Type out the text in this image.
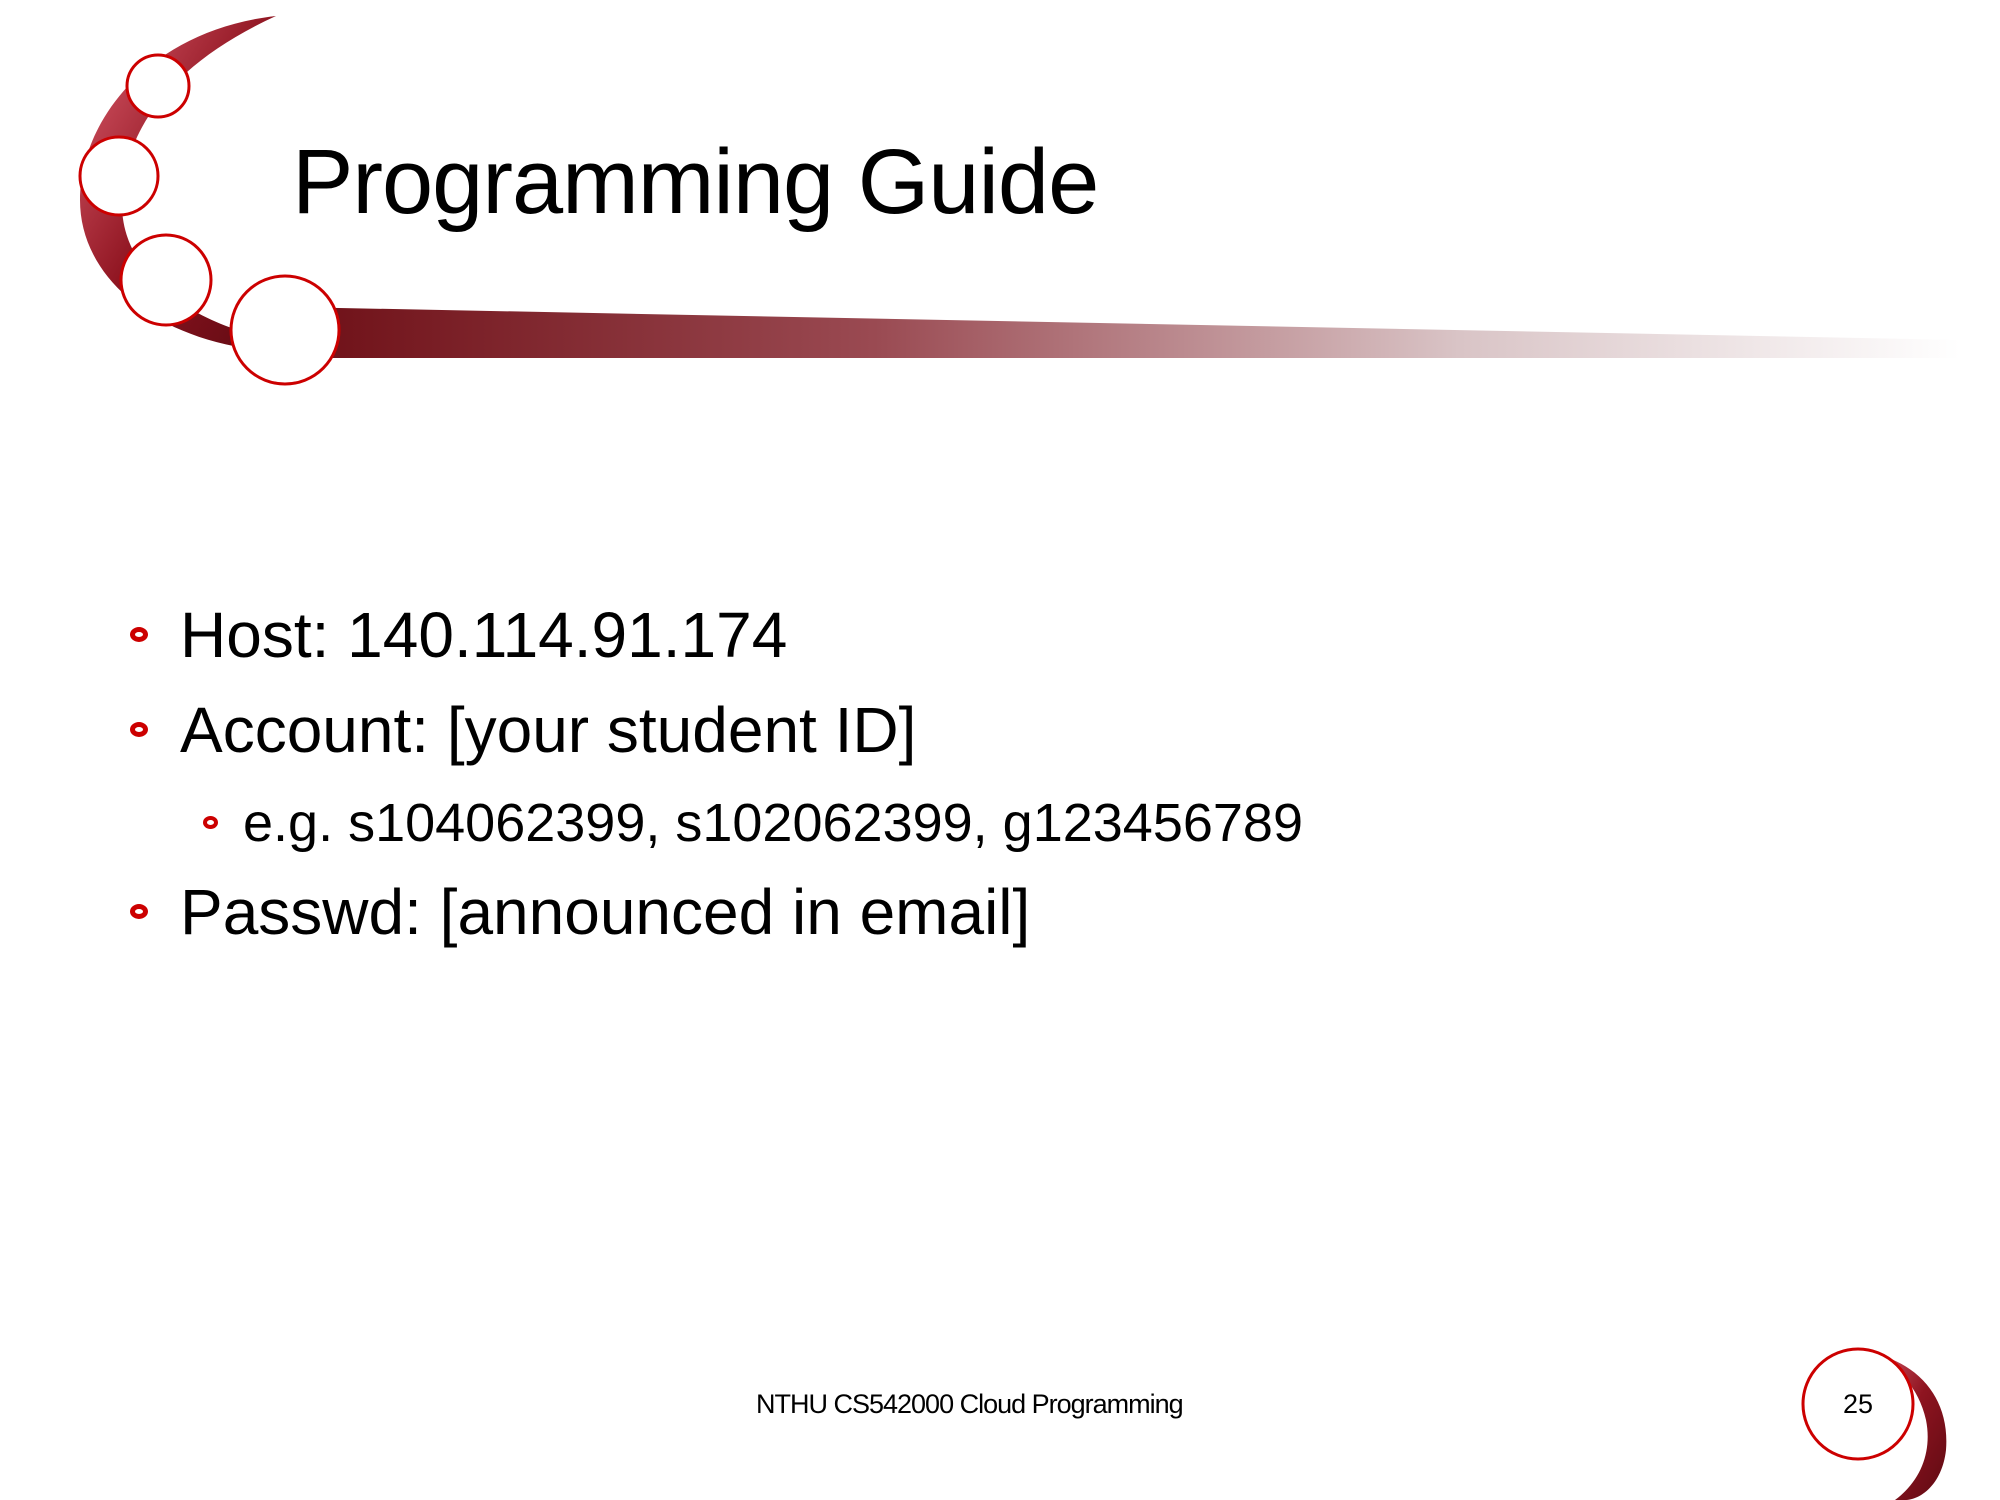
Programming Guide
Host: 140.114.91.174
Account: [your student ID]
e.g. s104062399, s102062399, g123456789
Passwd: [announced in email]
NTHU CS542000 Cloud Programming	25
